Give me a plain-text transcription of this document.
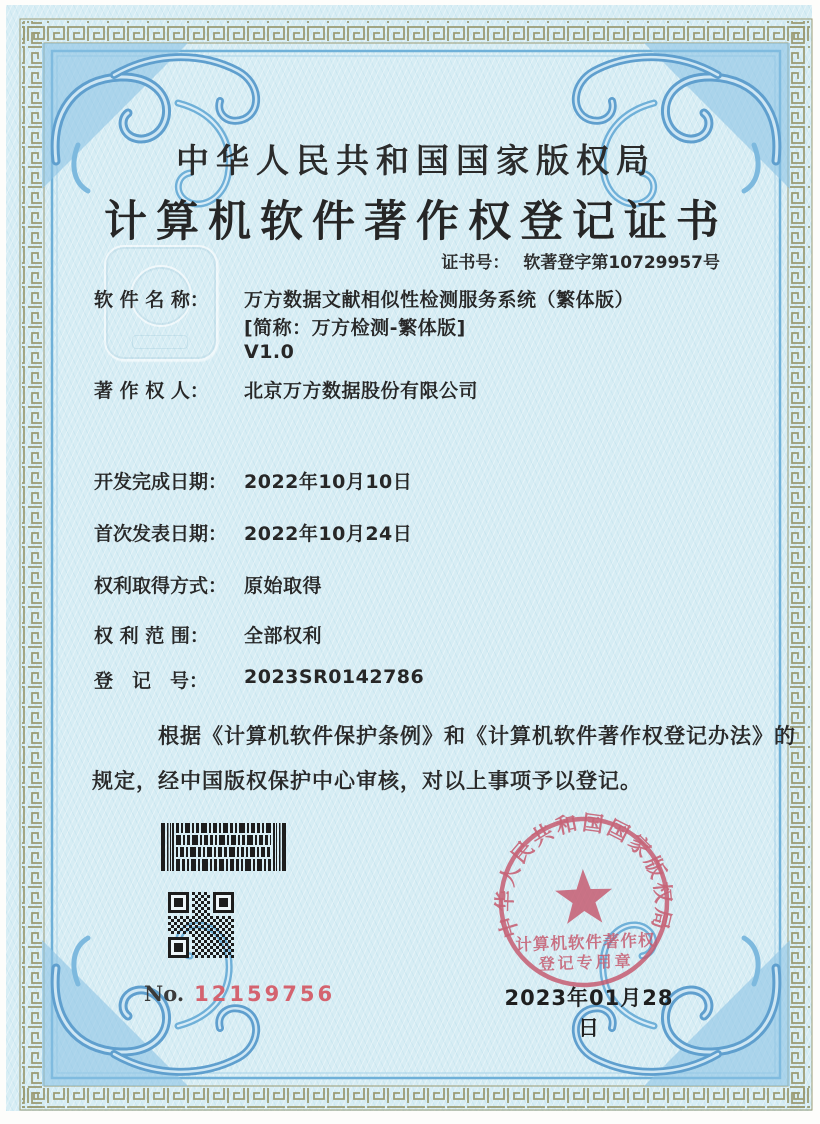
中华人民共和国国家版权局
计算机软件著作权登记证书
证书号： 软著登字第10729957号
软 件 名 称： 万方数据文献相似性检测服务系统（繁体版）
[简称：万方检测-繁体版]
V1.0
著 作 权 人： 北京万方数据股份有限公司
开发完成日期： 2022年10月10日
首次发表日期： 2022年10月24日
权利取得方式： 原始取得
权 利 范 围： 全部权利
登　记　号： 2023SR0142786
根据《计算机软件保护条例》和《计算机软件著作权登记办法》的
规定，经中国版权保护中心审核，对以上事项予以登记。
No. 12159756
中华人民共和国国家版权局
计算机软件著作权
登记专用章
2023年01月28日
